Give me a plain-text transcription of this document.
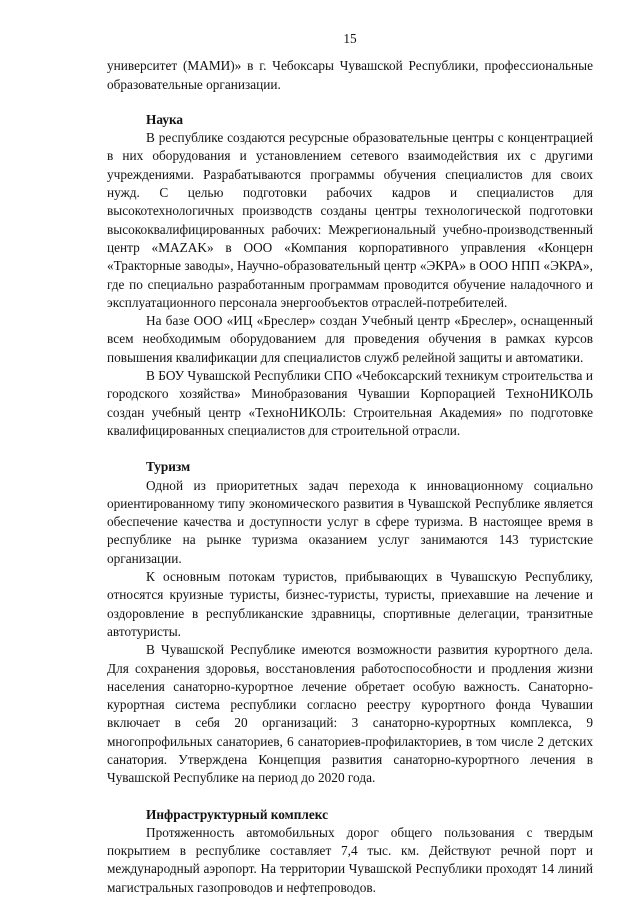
15

университет (МАМИ)» в г. Чебоксары Чувашской Республики, профессиональные образовательные организации.

Наука

В республике создаются ресурсные образовательные центры с концентрацией в них оборудования и установлением сетевого взаимодействия их с другими учреждениями. Разрабатываются программы обучения специалистов для своих нужд. С целью подготовки рабочих кадров и специалистов для высокотехнологичных производств созданы центры технологической подготовки высококвалифицированных рабочих: Межрегиональный учебно-производственный центр «MAZAK» в ООО «Компания корпоративного управления «Концерн «Тракторные заводы», Научно-образовательный центр «ЭКРА» в ООО НПП «ЭКРА», где по специально разработанным программам проводится обучение наладочного и эксплуатационного персонала энергообъектов отраслей-потребителей.

На базе ООО «ИЦ «Бреслер» создан Учебный центр «Бреслер», оснащенный всем необходимым оборудованием для проведения обучения в рамках курсов повышения квалификации для специалистов служб релейной защиты и автоматики.

В БОУ Чувашской Республики СПО «Чебоксарский техникум строительства и городского хозяйства» Минобразования Чувашии Корпорацией ТехноНИКОЛЬ создан учебный центр «ТехноНИКОЛЬ: Строительная Академия» по подготовке квалифицированных специалистов для строительной отрасли.

Туризм

Одной из приоритетных задач перехода к инновационному социально ориентированному типу экономического развития в Чувашской Республике является обеспечение качества и доступности услуг в сфере туризма. В настоящее время в республике на рынке туризма оказанием услуг занимаются 143 туристские организации.

К основным потокам туристов, прибывающих в Чувашскую Республику, относятся круизные туристы, бизнес-туристы, туристы, приехавшие на лечение и оздоровление в республиканские здравницы, спортивные делегации, транзитные автотуристы.

В Чувашской Республике имеются возможности развития курортного дела. Для сохранения здоровья, восстановления работоспособности и продления жизни населения санаторно-курортное лечение обретает особую важность. Санаторно-курортная система республики согласно реестру курортного фонда Чувашии включает в себя 20 организаций: 3 санаторно-курортных комплекса, 9 многопрофильных санаториев, 6 санаториев-профилакториев, в том числе 2 детских санатория. Утверждена Концепция развития санаторно-курортного лечения в Чувашской Республике на период до 2020 года.

Инфраструктурный комплекс

Протяженность автомобильных дорог общего пользования с твердым покрытием в республике составляет 7,4 тыс. км. Действуют речной порт и международный аэропорт. На территории Чувашской Республики проходят 14 линий магистральных газопроводов и нефтепроводов.
